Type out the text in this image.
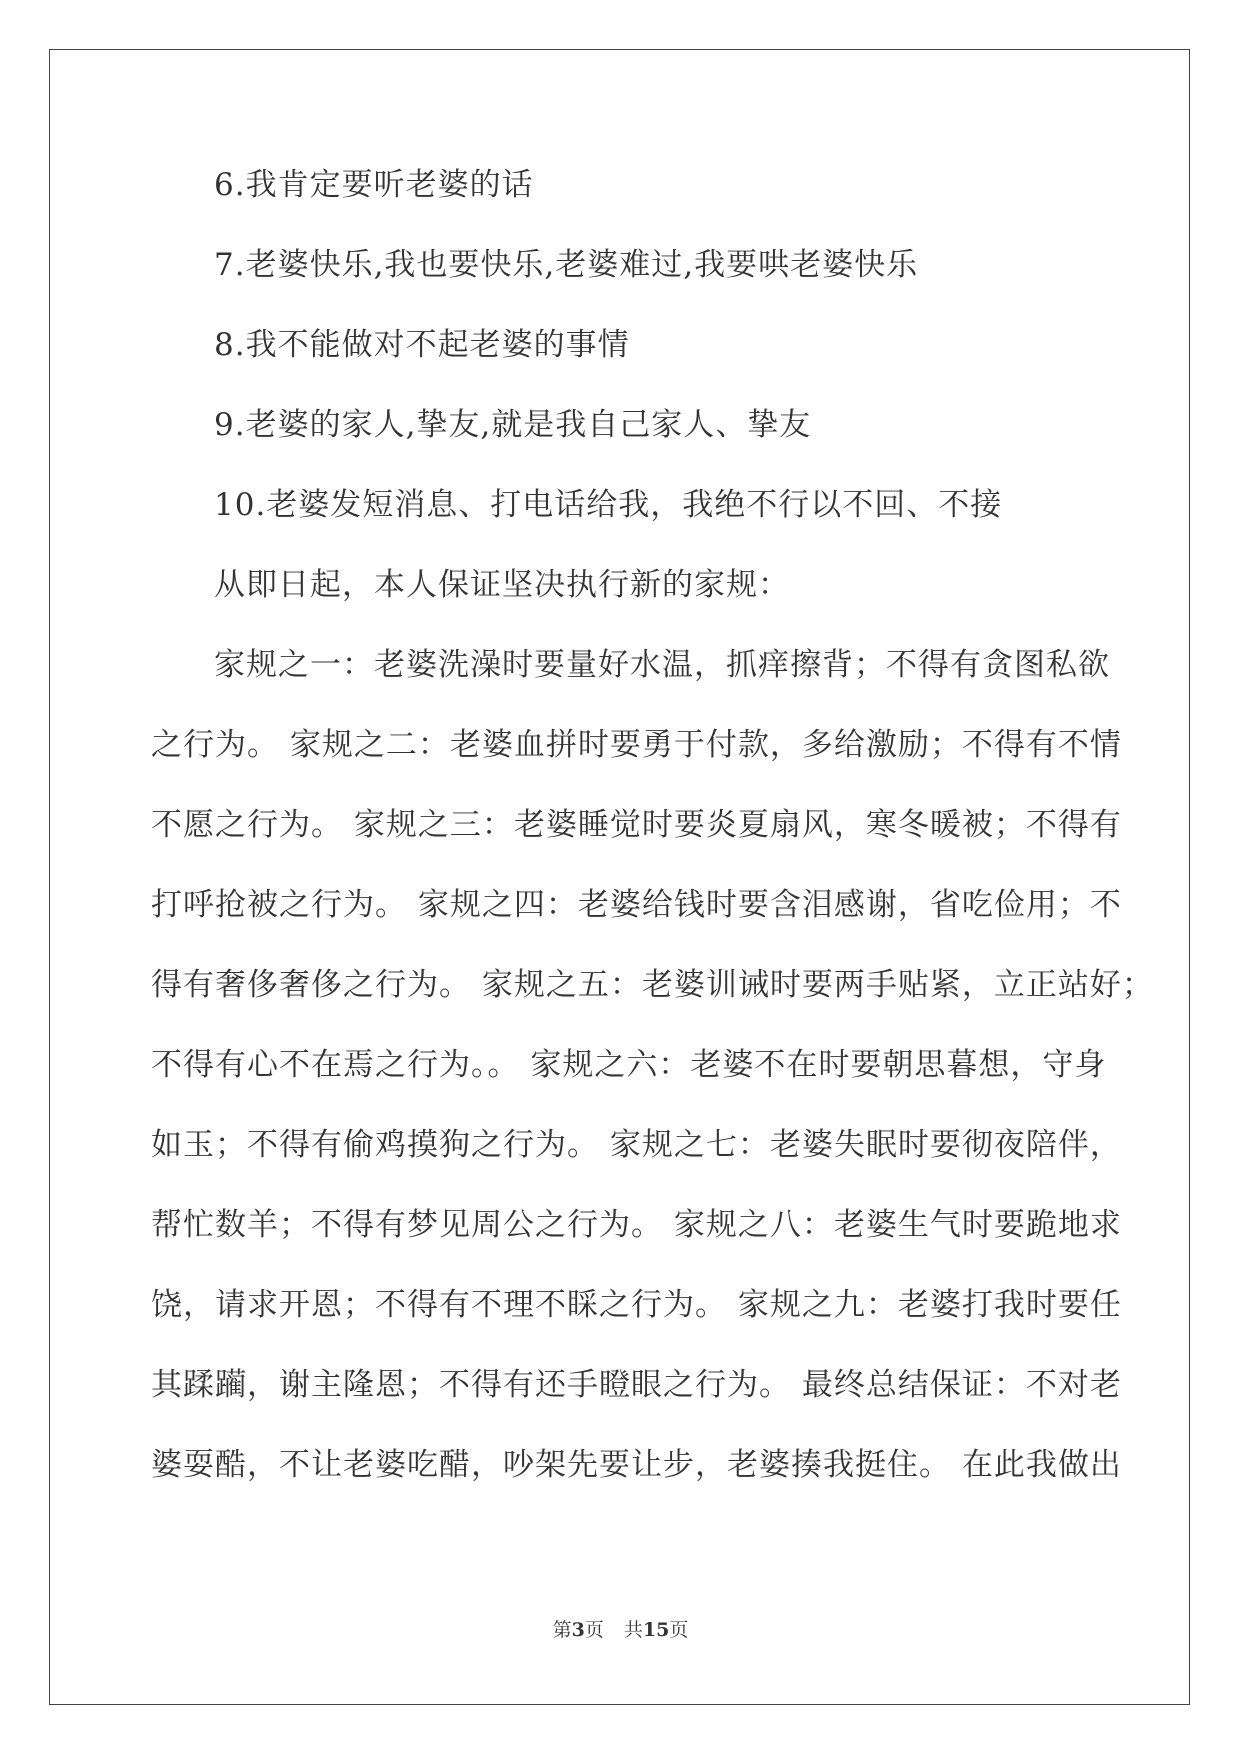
6.我肯定要听老婆的话
7.老婆快乐,我也要快乐,老婆难过,我要哄老婆快乐
8.我不能做对不起老婆的事情
9.老婆的家人,挚友,就是我自己家人、挚友
10.老婆发短消息、打电话给我，我绝不行以不回、不接
从即日起，本人保证坚决执行新的家规：
家规之一：老婆洗澡时要量好水温，抓痒擦背；不得有贪图私欲
之行为。 家规之二：老婆血拼时要勇于付款，多给激励；不得有不情
不愿之行为。 家规之三：老婆睡觉时要炎夏扇风，寒冬暖被；不得有
打呼抢被之行为。 家规之四：老婆给钱时要含泪感谢，省吃俭用；不
得有奢侈奢侈之行为。 家规之五：老婆训诫时要两手贴紧，立正站好；
不得有心不在焉之行为。。 家规之六：老婆不在时要朝思暮想，守身
如玉；不得有偷鸡摸狗之行为。 家规之七：老婆失眠时要彻夜陪伴，
帮忙数羊；不得有梦见周公之行为。 家规之八：老婆生气时要跪地求
饶，请求开恩；不得有不理不睬之行为。 家规之九：老婆打我时要任
其蹂躏，谢主隆恩；不得有还手瞪眼之行为。 最终总结保证：不对老
婆耍酷，不让老婆吃醋，吵架先要让步，老婆揍我挺住。 在此我做出
第3页 共15页
